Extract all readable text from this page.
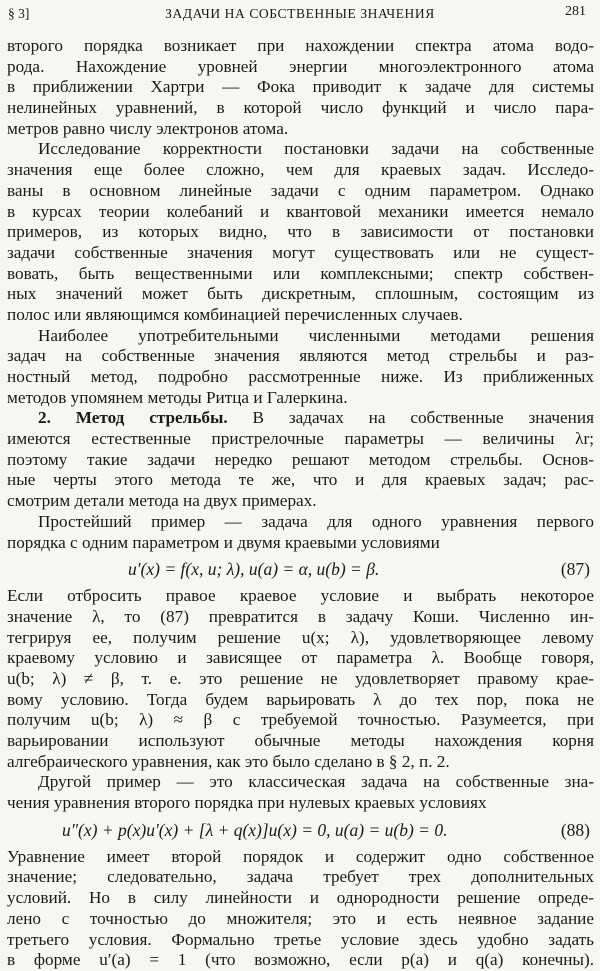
§ 3]	ЗАДАЧИ НА СОБСТВЕННЫЕ ЗНАЧЕНИЯ	281
второго порядка возникает при нахождении спектра атома водо-
рода. Нахождение уровней энергии многоэлектронного атома
в приближении Хартри — Фока приводит к задаче для системы
нелинейных уравнений, в которой число функций и число пара-
метров равно числу электронов атома.
Исследование корректности постановки задачи на собственные
значения еще более сложно, чем для краевых задач. Исследо-
ваны в основном линейные задачи с одним параметром. Однако
в курсах теории колебаний и квантовой механики имеется немало
примеров, из которых видно, что в зависимости от постановки
задачи собственные значения могут существовать или не сущест-
вовать, быть вещественными или комплексными; спектр собствен-
ных значений может быть дискретным, сплошным, состоящим из
полос или являющимся комбинацией перечисленных случаев.
Наиболее употребительными численными методами решения
задач на собственные значения являются метод стрельбы и раз-
ностный метод, подробно рассмотренные ниже. Из приближенных
методов упомянем методы Ритца и Галеркина.
2. Метод стрельбы. В задачах на собственные значения
имеются естественные пристрелочные параметры — величины λr;
поэтому такие задачи нередко решают методом стрельбы. Основ-
ные черты этого метода те же, что и для краевых задач; рас-
смотрим детали метода на двух примерах.
Простейший пример — задача для одного уравнения первого
порядка с одним параметром и двумя краевыми условиями
u′(x) = f(x, u; λ), u(a) = α, u(b) = β.	(87)
Если отбросить правое краевое условие и выбрать некоторое
значение λ, то (87) превратится в задачу Коши. Численно ин-
тегрируя ее, получим решение u(x; λ), удовлетворяющее левому
краевому условию и зависящее от параметра λ. Вообще говоря,
u(b; λ) ≠ β, т. е. это решение не удовлетворяет правому крае-
вому условию. Тогда будем варьировать λ до тех пор, пока не
получим u(b; λ) ≈ β с требуемой точностью. Разумеется, при
варьировании используют обычные методы нахождения корня
алгебраического уравнения, как это было сделано в § 2, п. 2.
Другой пример — это классическая задача на собственные зна-
чения уравнения второго порядка при нулевых краевых условиях
u″(x) + p(x)u′(x) + [λ + q(x)]u(x) = 0, u(a) = u(b) = 0.	(88)
Уравнение имеет второй порядок и содержит одно собственное
значение; следовательно, задача требует трех дополнительных
условий. Но в силу линейности и однородности решение опреде-
лено с точностью до множителя; это и есть неявное задание
третьего условия. Формально третье условие здесь удобно задать
в форме u′(a) = 1 (что возможно, если p(a) и q(a) конечны).
